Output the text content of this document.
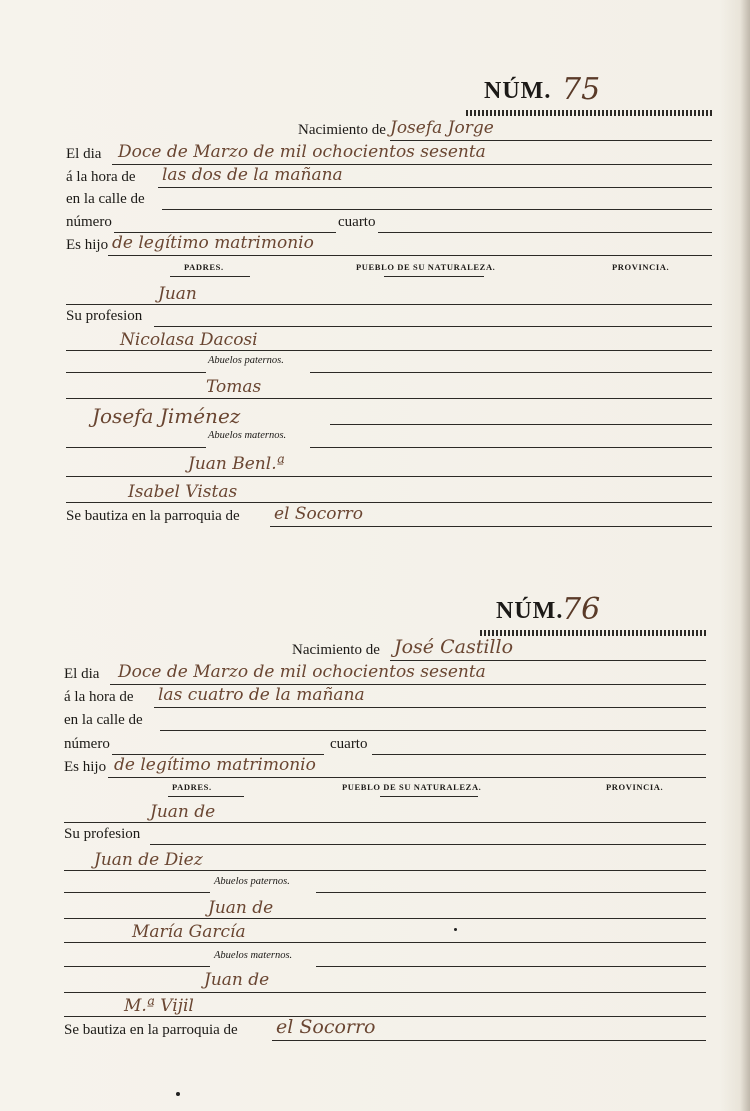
NÚM. 75
Nacimiento de Josefa Jorge
El dia Doce de Marzo de mil ochocientos sesenta
á la hora de las dos de la mañana
en la calle de
número	cuarto
Es hijo de legítimo matrimonio
PADRES.	PUEBLO DE SU NATURALEZA.	PROVINCIA.
Juan
Su profesion
Nicolasa Dacosi
Abuelos paternos.
Tomas
Josefa Jiménez
Abuelos maternos.
Juan Benl.ª
Isabel Vistas
Se bautiza en la parroquia de el Socorro
NÚM.
76
Nacimiento de José Castillo
El dia Doce de Marzo de mil ochocientos sesenta
á la hora de las cuatro de la mañana
en la calle de
número	cuarto
Es hijo de legítimo matrimonio
PADRES.	PUEBLO DE SU NATURALEZA.	PROVINCIA.
Juan de
Su profesion
Juan de Diez
Abuelos paternos.
Juan de
María García
Abuelos maternos.
Juan de
M.ª Vijil
Se bautiza en la parroquia de el Socorro
